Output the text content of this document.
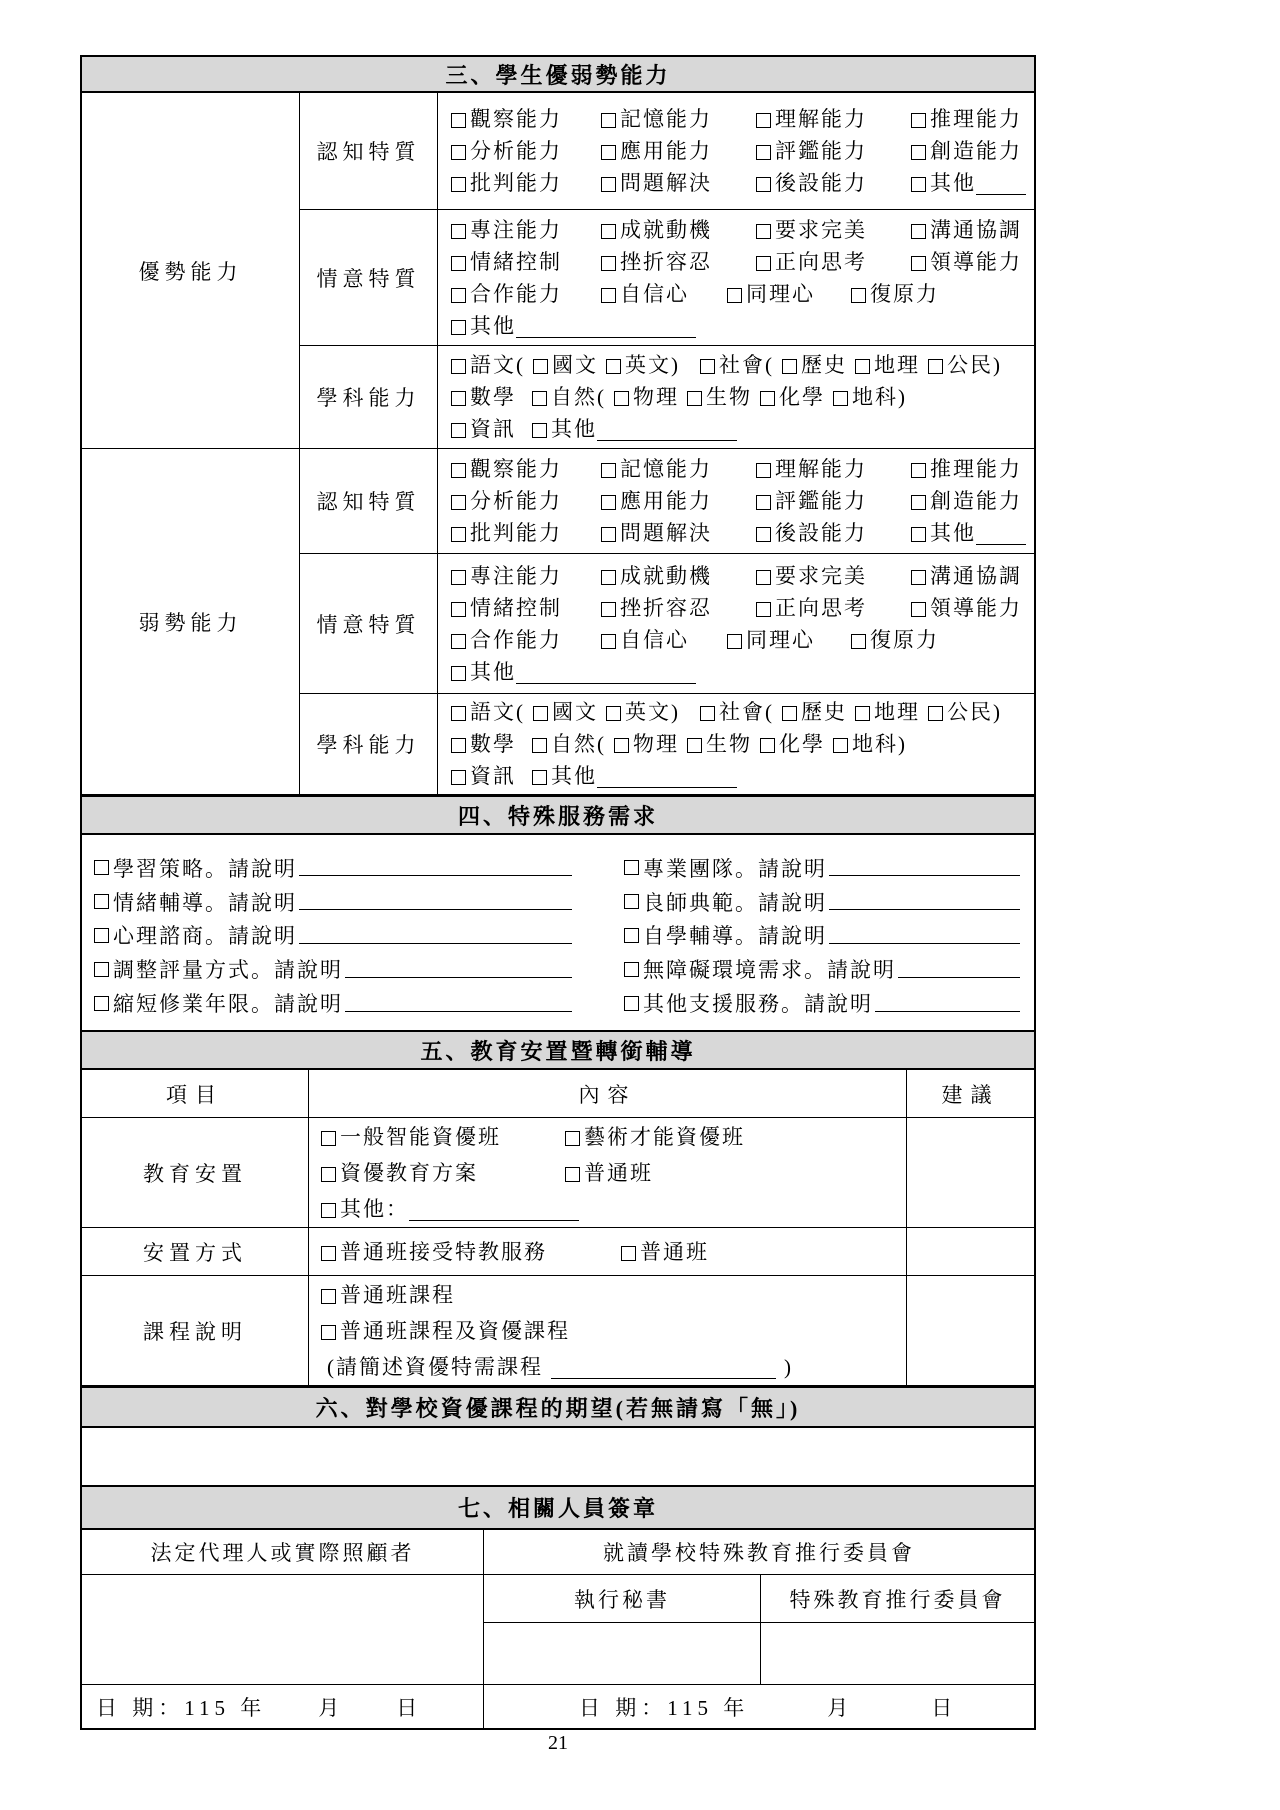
三、學生優弱勢能力
優勢能力
認知特質
觀察能力	記憶能力	理解能力	推理能力
分析能力	應用能力	評鑑能力	創造能力
批判能力	問題解決	後設能力	其他
情意特質
專注能力	成就動機	要求完美	溝通協調
情緒控制	挫折容忍	正向思考	領導能力
合作能力	自信心	同理心	復原力
其他
學科能力
語文( 國文 英文) 社會( 歷史 地理 公民)
數學 自然( 物理 生物 化學 地科)
資訊 其他
弱勢能力
認知特質
觀察能力	記憶能力	理解能力	推理能力
分析能力	應用能力	評鑑能力	創造能力
批判能力	問題解決	後設能力	其他
情意特質
專注能力	成就動機	要求完美	溝通協調
情緒控制	挫折容忍	正向思考	領導能力
合作能力	自信心	同理心	復原力
其他
學科能力
語文( 國文 英文) 社會( 歷史 地理 公民)
數學 自然( 物理 生物 化學 地科)
資訊 其他
四、特殊服務需求
學習策略。請說明
情緒輔導。請說明
心理諮商。請說明
調整評量方式。請說明
縮短修業年限。請說明
專業團隊。請說明
良師典範。請說明
自學輔導。請說明
無障礙環境需求。請說明
其他支援服務。請說明
五、教育安置暨轉銜輔導
項目	內容	建議
教育安置
一般智能資優班	藝術才能資優班
資優教育方案	普通班
其他：
安置方式	普通班接受特教服務	普通班
課程說明
普通班課程
普通班課程及資優課程
(請簡述資優特需課程	)
六、對學校資優課程的期望(若無請寫「無」)
七、相關人員簽章
法定代理人或實際照顧者	就讀學校特殊教育推行委員會
執行秘書	特殊教育推行委員會
日 期：115 年　　月　　日	日 期：115 年　　　月　　　日
21
